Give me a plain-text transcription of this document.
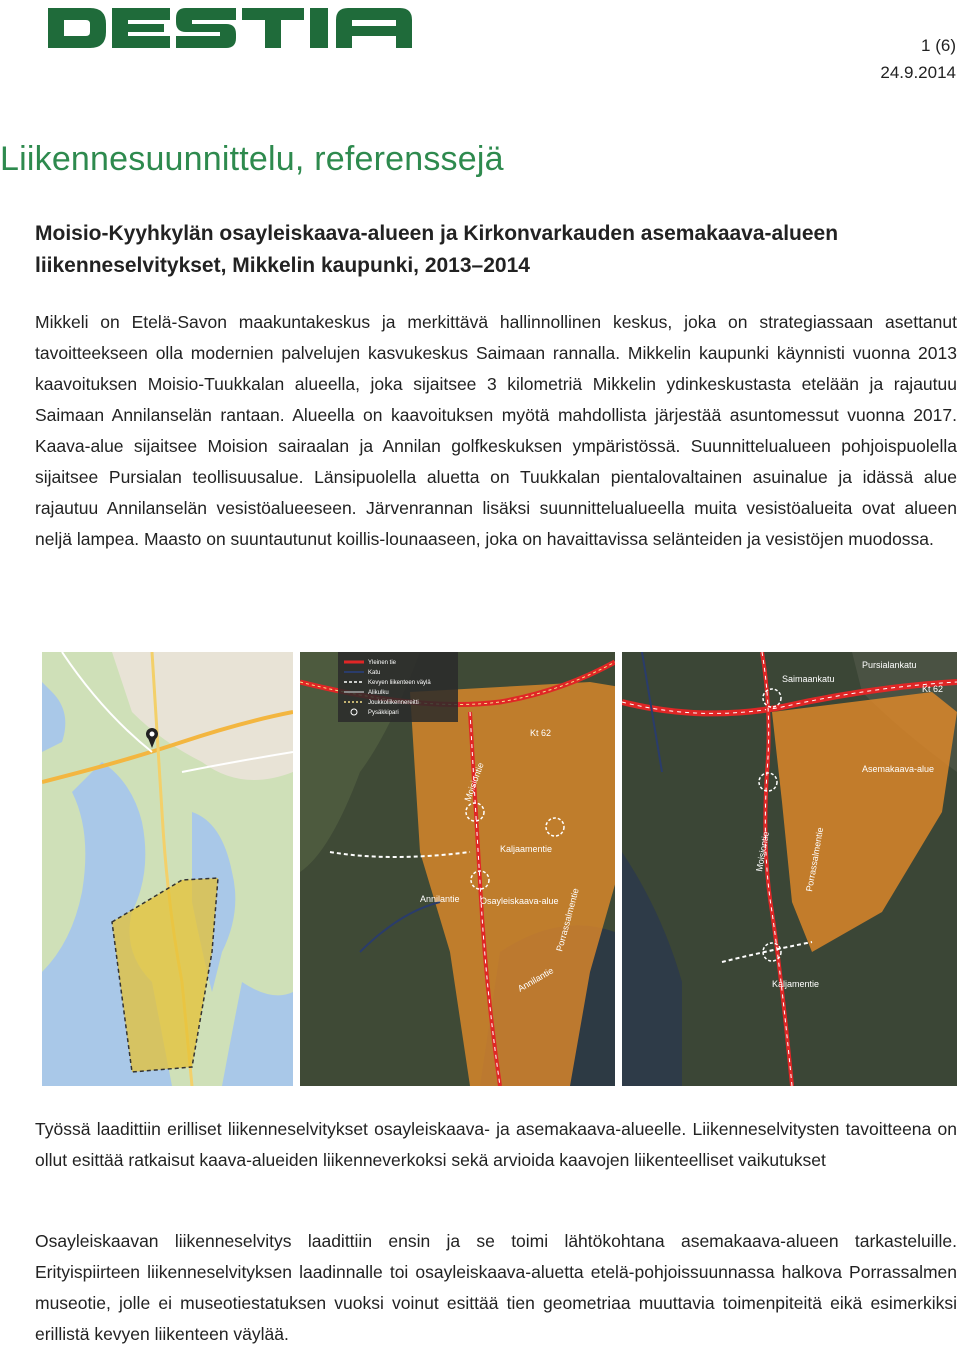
1 (6)
24.9.2014
Liikennesuunnittelu, referenssejä
Moisio-Kyyhkylän osayleiskaava-alueen ja Kirkonvarkauden asemakaava-alueen liikenneselvitykset, Mikkelin kaupunki, 2013–2014

Mikkeli on Etelä-Savon maakuntakeskus ja merkittävä hallinnollinen keskus, joka on strategiassaan asettanut tavoitteekseen olla modernien palvelujen kasvukeskus Saimaan rannalla. Mikkelin kaupunki käynnisti vuonna 2013 kaavoituksen Moisio-Tuukkalan alueella, joka sijaitsee 3 kilometriä Mikkelin ydinkeskustasta etelään ja rajautuu Saimaan Annilanselän rantaan. Alueella on kaavoituksen myötä mahdollista järjestää asuntomessut vuonna 2017. Kaava-alue sijaitsee Moision sairaalan ja Annilan golfkeskuksen ympäristössä. Suunnittelualueen pohjoispuolella sijaitsee Pursialan teollisuusalue. Länsipuolella aluetta on Tuukkalan pientalovaltainen asuinalue ja idässä alue rajautuu Annilanselän vesistöalueeseen. Järvenrannan lisäksi suunnittelualueella muita vesistöalueita ovat alueen neljä lampea. Maasto on suuntautunut koillis-lounaaseen, joka on havaittavissa selänteiden ja vesistöjen muodossa.

Yleinen tie
Katu
Kevyen liikenteen väylä
Alikulku
Joukkoliikennereitti
Pysäkkipari
Kt 62
Moisiontie
Kaljaamentie
Osayleiskaava-alue
Porrassalmentie
Annilantie
Annilantie
Pursialankatu
Saimaankatu
Kt 62
Asemakaava-alue
Porrassalmentie
Moisiontie
Kaljamentie

Työssä laadittiin erilliset liikenneselvitykset osayleiskaava- ja asemakaava-alueelle. Liikenneselvitysten tavoitteena on ollut esittää ratkaisut kaava-alueiden liikenneverkoksi sekä arvioida kaavojen liikenteelliset vaikutukset

Osayleiskaavan liikenneselvitys laadittiin ensin ja se toimi lähtökohtana asemakaava-alueen tarkasteluille. Erityispiirteen liikenneselvityksen laadinnalle toi osayleiskaava-aluetta etelä-pohjoissuunnassa halkova Porrassalmen museotie, jolle ei museotiestatuksen vuoksi voinut esittää tien geometriaa muuttavia toimenpiteitä eikä esimerkiksi erillistä kevyen liikenteen väylää.
